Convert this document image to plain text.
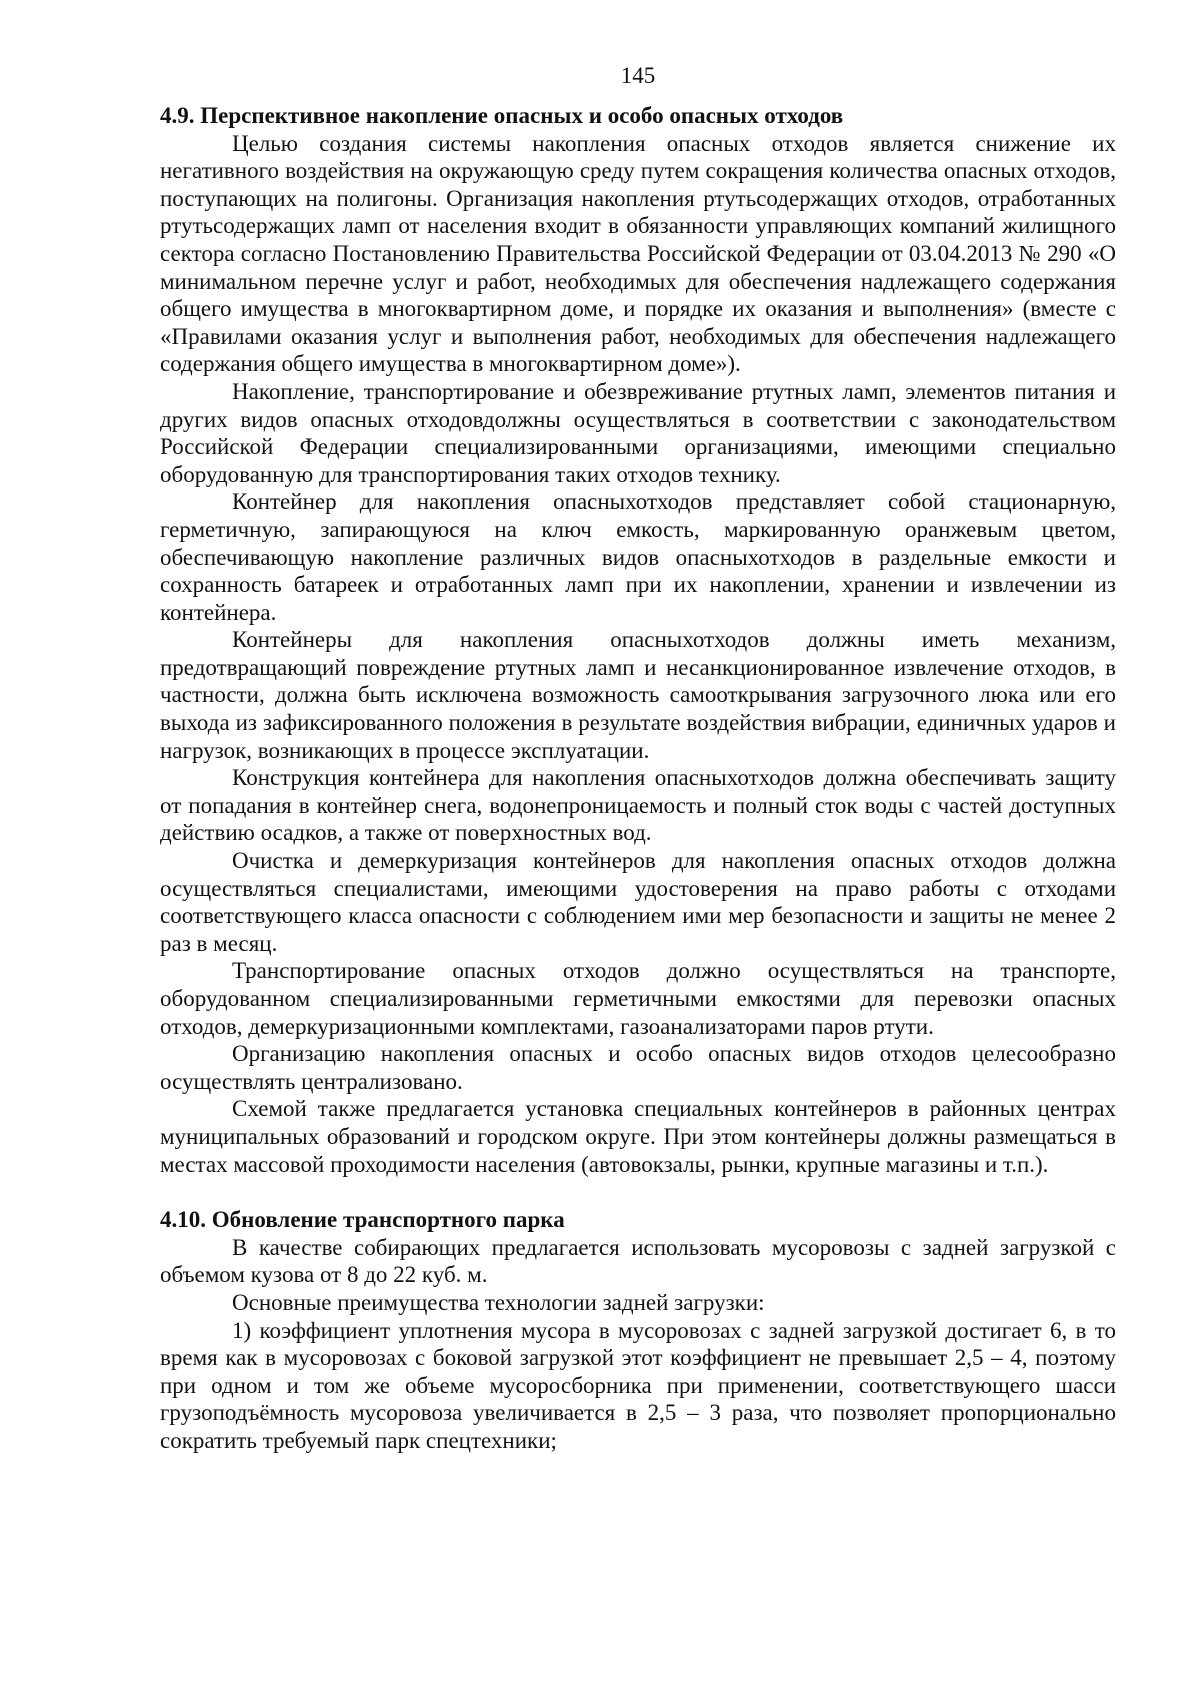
145

4.9. Перспективное накопление опасных и особо опасных отходов

Целью создания системы накопления опасных отходов является снижение их негативного воздействия на окружающую среду путем сокращения количества опасных отходов, поступающих на полигоны. Организация накопления ртутьсодержащих отходов, отработанных ртутьсодержащих ламп от населения входит в обязанности управляющих компаний жилищного сектора согласно Постановлению Правительства Российской Федерации от 03.04.2013 № 290 «О минимальном перечне услуг и работ, необходимых для обеспечения надлежащего содержания общего имущества в многоквартирном доме, и порядке их оказания и выполнения» (вместе с «Правилами оказания услуг и выполнения работ, необходимых для обеспечения надлежащего содержания общего имущества в многоквартирном доме»).

Накопление, транспортирование и обезвреживание ртутных ламп, элементов питания и других видов опасных отходовдолжны осуществляться в соответствии с законодательством Российской Федерации специализированными организациями, имеющими специально оборудованную для транспортирования таких отходов технику.

Контейнер для накопления опасныхотходов представляет собой стационарную, герметичную, запирающуюся на ключ емкость, маркированную оранжевым цветом, обеспечивающую накопление различных видов опасныхотходов в раздельные емкости и сохранность батареек и отработанных ламп при их накоплении, хранении и извлечении из контейнера.

Контейнеры для накопления опасныхотходов должны иметь механизм, предотвращающий повреждение ртутных ламп и несанкционированное извлечение отходов, в частности, должна быть исключена возможность самооткрывания загрузочного люка или его выхода из зафиксированного положения в результате воздействия вибрации, единичных ударов и нагрузок, возникающих в процессе эксплуатации.

Конструкция контейнера для накопления опасныхотходов должна обеспечивать защиту от попадания в контейнер снега, водонепроницаемость и полный сток воды с частей доступных действию осадков, а также от поверхностных вод.

Очистка и демеркуризация контейнеров для накопления опасных отходов должна осуществляться специалистами, имеющими удостоверения на право работы с отходами соответствующего класса опасности с соблюдением ими мер безопасности и защиты не менее 2 раз в месяц.

Транспортирование опасных отходов должно осуществляться на транспорте, оборудованном специализированными герметичными емкостями для перевозки опасных отходов, демеркуризационными комплектами, газоанализаторами паров ртути.

Организацию накопления опасных и особо опасных видов отходов целесообразно осуществлять централизовано.

Схемой также предлагается установка специальных контейнеров в районных центрах муниципальных образований и городском округе. При этом контейнеры должны размещаться в местах массовой проходимости населения (автовокзалы, рынки, крупные магазины и т.п.).

4.10. Обновление транспортного парка

В качестве собирающих предлагается использовать мусоровозы с задней загрузкой с объемом кузова от 8 до 22 куб. м.

Основные преимущества технологии задней загрузки:

1) коэффициент уплотнения мусора в мусоровозах с задней загрузкой достигает 6, в то время как в мусоровозах с боковой загрузкой этот коэффициент не превышает 2,5 – 4, поэтому при одном и том же объеме мусоросборника при применении, соответствующего шасси грузоподъёмность мусоровоза увеличивается в 2,5 – 3 раза, что позволяет пропорционально сократить требуемый парк спецтехники;
